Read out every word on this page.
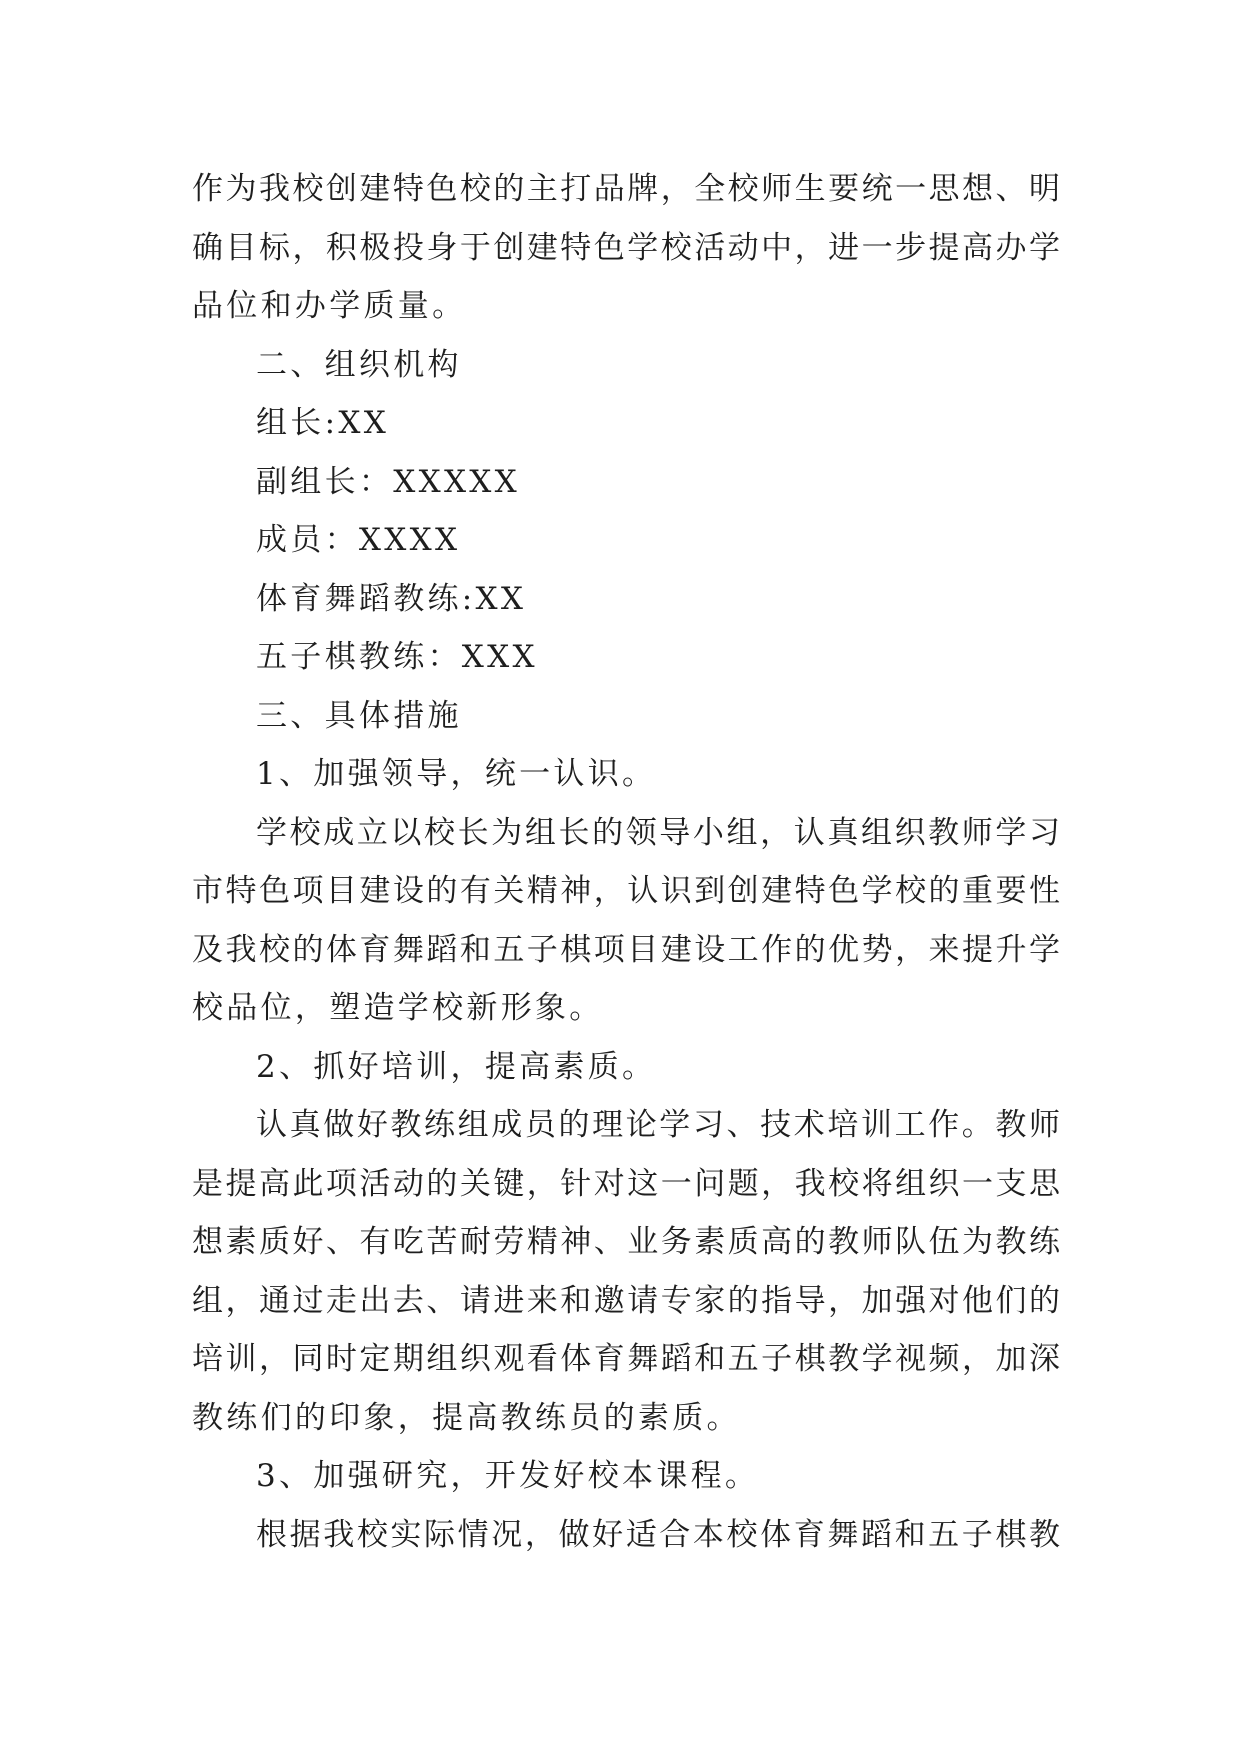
作为我校创建特色校的主打品牌，全校师生要统一思想、明
确目标，积极投身于创建特色学校活动中，进一步提高办学
品位和办学质量。
二、组织机构
组长:XX
副组长：XXXXX
成员：XXXX
体育舞蹈教练:XX
五子棋教练：XXX
三、具体措施
1、加强领导，统一认识。
学校成立以校长为组长的领导小组，认真组织教师学习
市特色项目建设的有关精神，认识到创建特色学校的重要性
及我校的体育舞蹈和五子棋项目建设工作的优势，来提升学
校品位，塑造学校新形象。
2、抓好培训，提高素质。
认真做好教练组成员的理论学习、技术培训工作。教师
是提高此项活动的关键，针对这一问题，我校将组织一支思
想素质好、有吃苦耐劳精神、业务素质高的教师队伍为教练
组，通过走出去、请进来和邀请专家的指导，加强对他们的
培训，同时定期组织观看体育舞蹈和五子棋教学视频，加深
教练们的印象，提高教练员的素质。
3、加强研究，开发好校本课程。
根据我校实际情况，做好适合本校体育舞蹈和五子棋教
